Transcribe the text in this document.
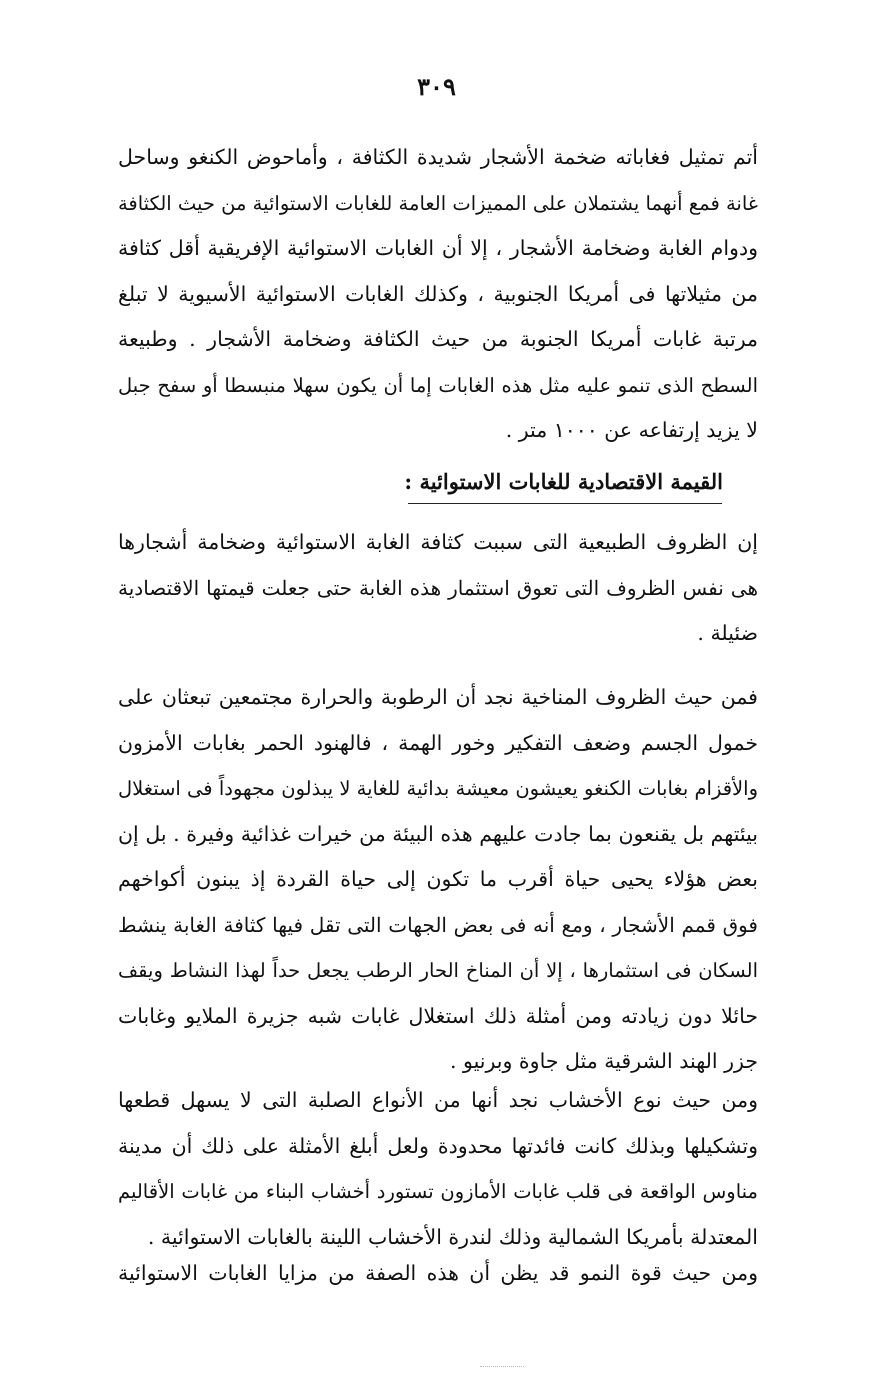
٣٠٩
أتم تمثيل فغاباته ضخمة الأشجار شديدة الكثافة ، وأماحوض الكنغو وساحل
غانة فمع أنهما يشتملان على المميزات العامة للغابات الاستوائية من حيث الكثافة
ودوام الغابة وضخامة الأشجار ، إلا أن الغابات الاستوائية الإفريقية أقل كثافة
من مثيلاتها فى أمريكا الجنوبية ، وكذلك الغابات الاستوائية الأسيوية لا تبلغ
مرتبة غابات أمريكا الجنوبة من حيث الكثافة وضخامة الأشجار . وطبيعة
السطح الذى تنمو عليه مثل هذه الغابات إما أن يكون سهلا منبسطا أو سفح جبل
لا يزيد إرتفاعه عن ١٠٠٠ متر .
القيمة الاقتصادية للغابات الاستوائية :
إن الظروف الطبيعية التى سببت كثافة الغابة الاستوائية وضخامة أشجارها
هى نفس الظروف التى تعوق استثمار هذه الغابة حتى جعلت قيمتها الاقتصادية
ضئيلة .
فمن حيث الظروف المناخية نجد أن الرطوبة والحرارة مجتمعين تبعثان على
خمول الجسم وضعف التفكير وخور الهمة ، فالهنود الحمر بغابات الأمزون
والأقزام بغابات الكنغو يعيشون معيشة بدائية للغاية لا يبذلون مجهوداً فى استغلال
بيئتهم بل يقنعون بما جادت عليهم هذه البيئة من خيرات غذائية وفيرة . بل إن
بعض هؤلاء يحيى حياة أقرب ما تكون إلى حياة القردة إذ يبنون أكواخهم
فوق قمم الأشجار ، ومع أنه فى بعض الجهات التى تقل فيها كثافة الغابة ينشط
السكان فى استثمارها ، إلا أن المناخ الحار الرطب يجعل حداً لهذا النشاط ويقف
حائلا دون زيادته ومن أمثلة ذلك استغلال غابات شبه جزيرة الملايو وغابات
جزر الهند الشرقية مثل جاوة وبرنيو .
ومن حيث نوع الأخشاب نجد أنها من الأنواع الصلبة التى لا يسهل قطعها
وتشكيلها وبذلك كانت فائدتها محدودة ولعل أبلغ الأمثلة على ذلك أن مدينة
مناوس الواقعة فى قلب غابات الأمازون تستورد أخشاب البناء من غابات الأقاليم
المعتدلة بأمريكا الشمالية وذلك لندرة الأخشاب اللينة بالغابات الاستوائية .
ومن حيث قوة النمو قد يظن أن هذه الصفة من مزايا الغابات الاستوائية
